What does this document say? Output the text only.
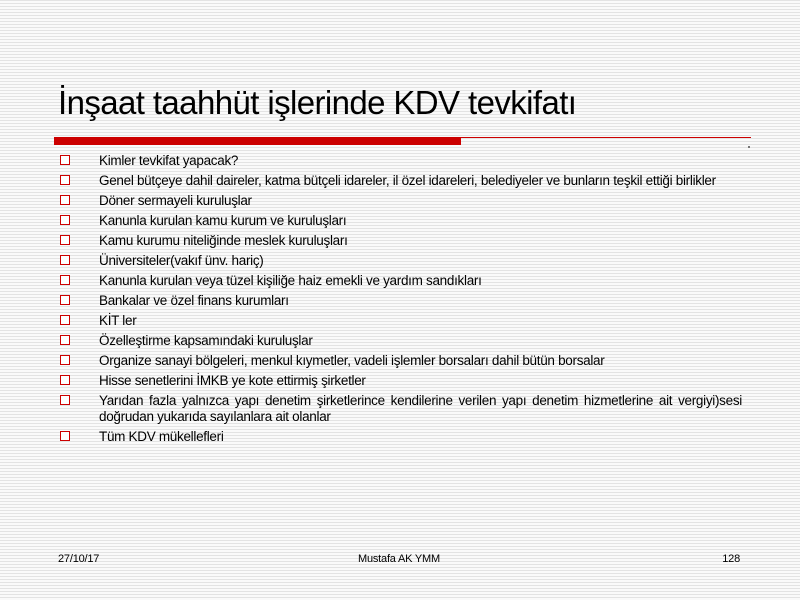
İnşaat taahhüt işlerinde KDV tevkifatı
Kimler tevkifat yapacak?
Genel bütçeye dahil daireler, katma bütçeli idareler, il özel idareleri, belediyeler ve bunların teşkil ettiği birlikler
Döner sermayeli kuruluşlar
Kanunla kurulan kamu kurum ve kuruluşları
Kamu kurumu niteliğinde meslek kuruluşları
Üniversiteler(vakıf ünv. hariç)
Kanunla kurulan veya tüzel kişiliğe haiz emekli ve yardım sandıkları
Bankalar ve özel finans kurumları
KİT ler
Özelleştirme kapsamındaki kuruluşlar
Organize sanayi bölgeleri, menkul kıymetler, vadeli işlemler borsaları dahil bütün borsalar
Hisse senetlerini İMKB ye kote ettirmiş şirketler
Yarıdan fazla yalnızca yapı denetim şirketlerince kendilerine verilen yapı denetim hizmetlerine ait vergiyi)sesi doğrudan yukarıda sayılanlara ait olanlar
Tüm KDV mükellefleri
27/10/17	Mustafa AK YMM	128
